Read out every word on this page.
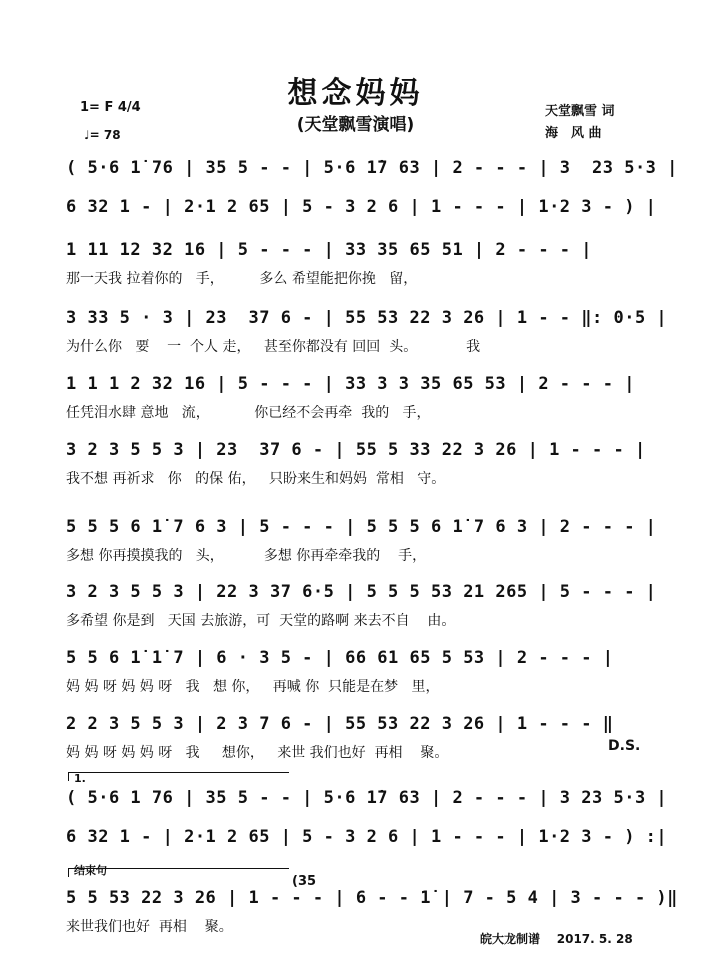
想念妈妈
(天堂飘雪演唱)
1= F 4/4
♩= 78
天堂飘雪 词
海　风 曲
( 5·6 1̇ 76 | 35 5 - - | 5·6 1̇7 63 | 2 - - - | 3  23 5·3 |
6 32 1 - | 2·1 2 65 | 5 - 3 2 6 | 1 - - - | 1·2 3 - ) |
1 11 12 32 16 | 5 - - - | 33 35 65 51 | 2 - - - |
那一天我 拉着你的   手，        多么 希望能把你挽   留，
3 33 5 · 3 | 23  37 6 - | 55 53 22 3 26 | 1 - - ‖: 0·5 |
为什么你   要    一  个人 走，   甚至你都没有 回回  头。           我
1 1 1 2 32 16 | 5 - - - | 33 3 3 35 65 53 | 2 - - - |
任凭泪水肆 意地   流，          你已经不会再牵  我的   手，
3 2 3 5 5 3 | 23  37 6 - | 55 5 33 22 3 26 | 1 - - - |
我不想 再祈求   你   的保 佑，   只盼来生和妈妈  常相   守。
5 5 5 6 1̇ 7 6 3 | 5 - - - | 5 5 5 6 1̇ 7 6 3 | 2 - - - |
多想 你再摸摸我的   头，         多想 你再牵牵我的    手，
3 2 3 5 5 3 | 22 3 37 6·5 | 5 5 5 53 21 265 | 5 - - - |
多希望 你是到   天国 去旅游，可  天堂的路啊 来去不自    由。
5 5 6 1̇ 1̇ 7 | 6 · 3 5 - | 66 61 65 5 53 | 2 - - - |
妈 妈 呀 妈 妈 呀   我   想 你，   再喊 你  只能是在梦   里，
2 2 3 5 5 3 | 2 3 7 6 - | 55 53 22 3 26 | 1 - - - ‖
妈 妈 呀 妈 妈 呀   我     想你，   来世 我们也好  再相    聚。
( 5·6 1 76 | 35 5 - - | 5·6 1̇7 63 | 2 - - - | 3 23 5·3 |
6 32 1 - | 2·1 2 65 | 5 - 3 2 6 | 1 - - - | 1·2 3 - ) :|
5 5 53 22 3 26 | 1 - - - | 6 - - 1̇ | 7 - 5 4 | 3 - - - )‖
来世我们也好  再相    聚。
D.S.
1.
结束句
(35
皖大龙制谱 2017. 5. 28
